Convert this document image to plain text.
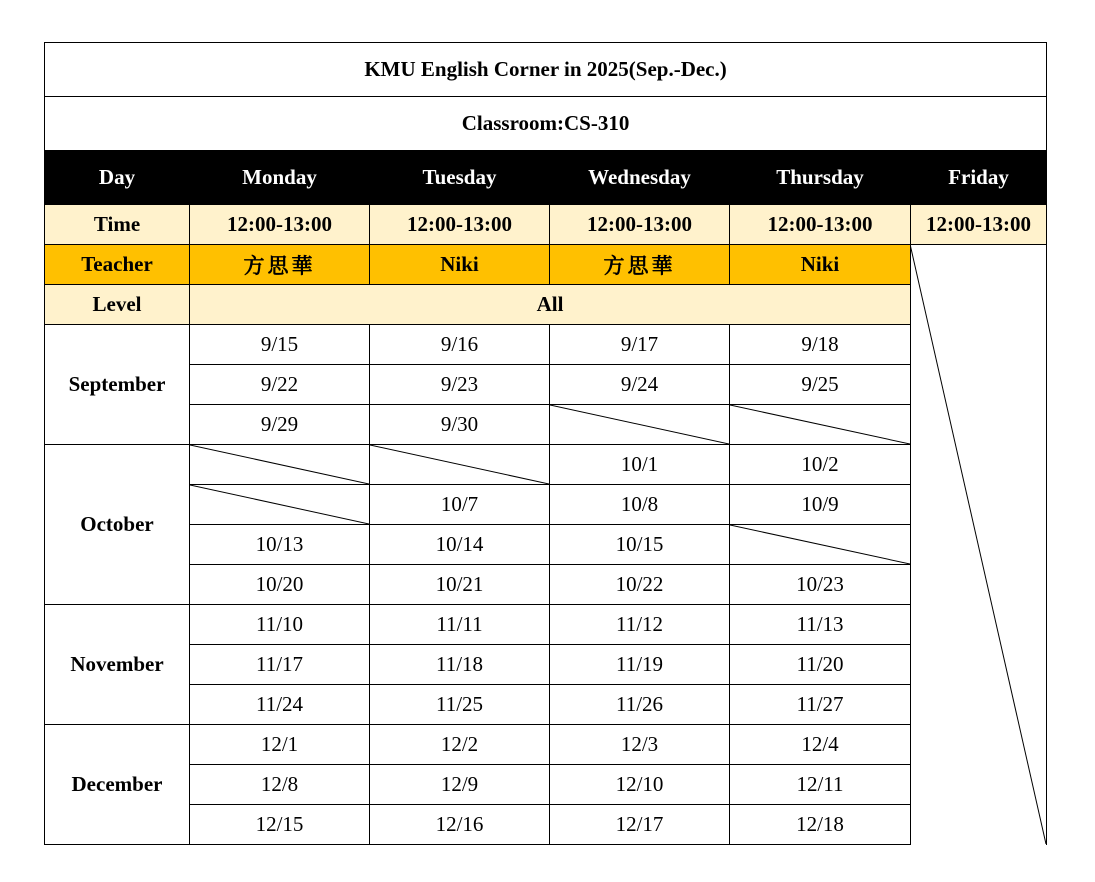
KMU English Corner in 2025(Sep.-Dec.)					
Classroom:CS-310					
Day	Monday	Tuesday	Wednesday	Thursday	Friday
Time	12:00-13:00	12:00-13:00	12:00-13:00	12:00-13:00	12:00-13:00
Teacher	方思華	Niki	方思華	Niki	
Level	All				
September	9/15	9/16	9/17	9/18	
	9/22	9/23	9/24	9/25	
	9/29	9/30	

October			10/1	10/2	

	10/7	10/8	10/9	
	10/13	10/14	10/15	

	10/20	10/21	10/22	10/23	
November	11/10	11/11	11/12	11/13	
	11/17	11/18	11/19	11/20	
	11/24	11/25	11/26	11/27	
December	12/1	12/2	12/3	12/4	
	12/8	12/9	12/10	12/11	
	12/15	12/16	12/17	12/18	
